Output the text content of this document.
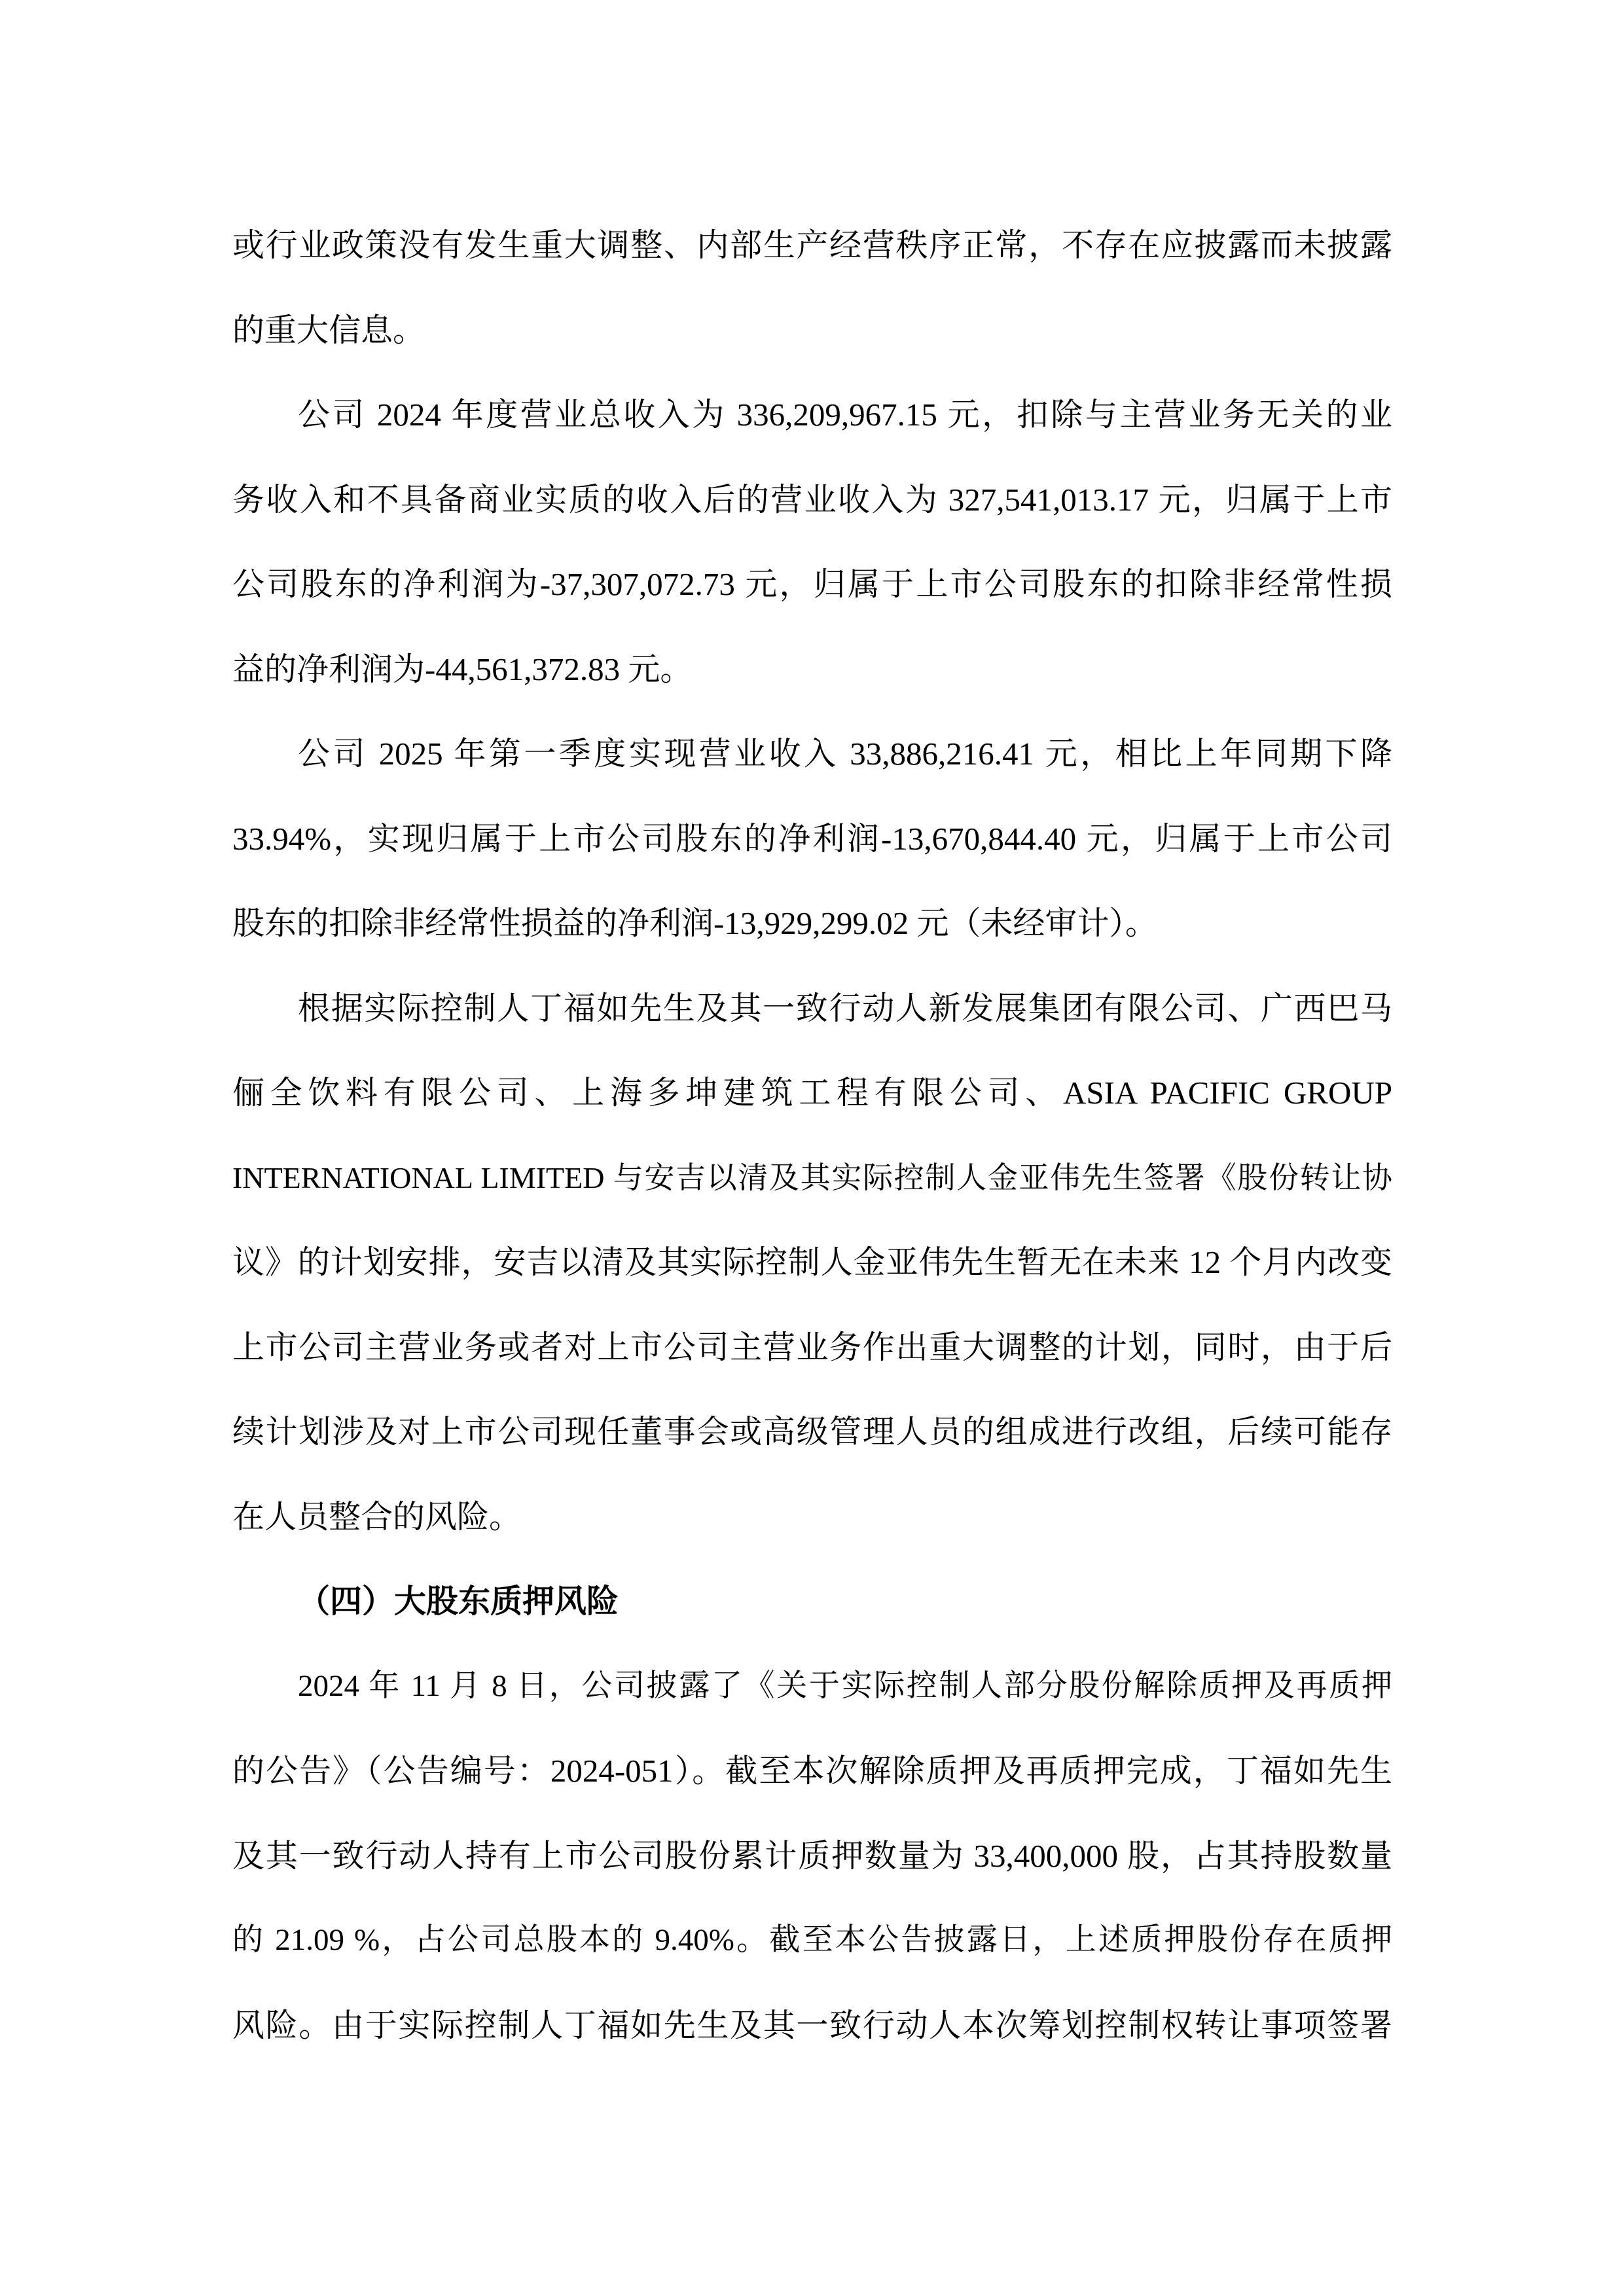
或行业政策没有发生重大调整、内部生产经营秩序正常，不存在应披露而未披露
的重大信息。
公司 2024 年度营业总收入为 336,209,967.15 元，扣除与主营业务无关的业
务收入和不具备商业实质的收入后的营业收入为 327,541,013.17 元，归属于上市
公司股东的净利润为-37,307,072.73 元，归属于上市公司股东的扣除非经常性损
益的净利润为-44,561,372.83 元。
公司 2025 年第一季度实现营业收入 33,886,216.41 元，相比上年同期下降
33.94%，实现归属于上市公司股东的净利润-13,670,844.40 元，归属于上市公司
股东的扣除非经常性损益的净利润-13,929,299.02 元（未经审计）。
根据实际控制人丁福如先生及其一致行动人新发展集团有限公司、广西巴马
俪全饮料有限公司、上海多坤建筑工程有限公司、ASIA PACIFIC GROUP
INTERNATIONAL LIMITED 与安吉以清及其实际控制人金亚伟先生签署《股份转让协
议》的计划安排，安吉以清及其实际控制人金亚伟先生暂无在未来 12 个月内改变
上市公司主营业务或者对上市公司主营业务作出重大调整的计划，同时，由于后
续计划涉及对上市公司现任董事会或高级管理人员的组成进行改组，后续可能存
在人员整合的风险。
（四）大股东质押风险
2024 年 11 月 8 日，公司披露了《关于实际控制人部分股份解除质押及再质押
的公告》（公告编号：2024-051）。截至本次解除质押及再质押完成，丁福如先生
及其一致行动人持有上市公司股份累计质押数量为 33,400,000 股，占其持股数量
的 21.09 %，占公司总股本的 9.40%。截至本公告披露日，上述质押股份存在质押
风险。由于实际控制人丁福如先生及其一致行动人本次筹划控制权转让事项签署
